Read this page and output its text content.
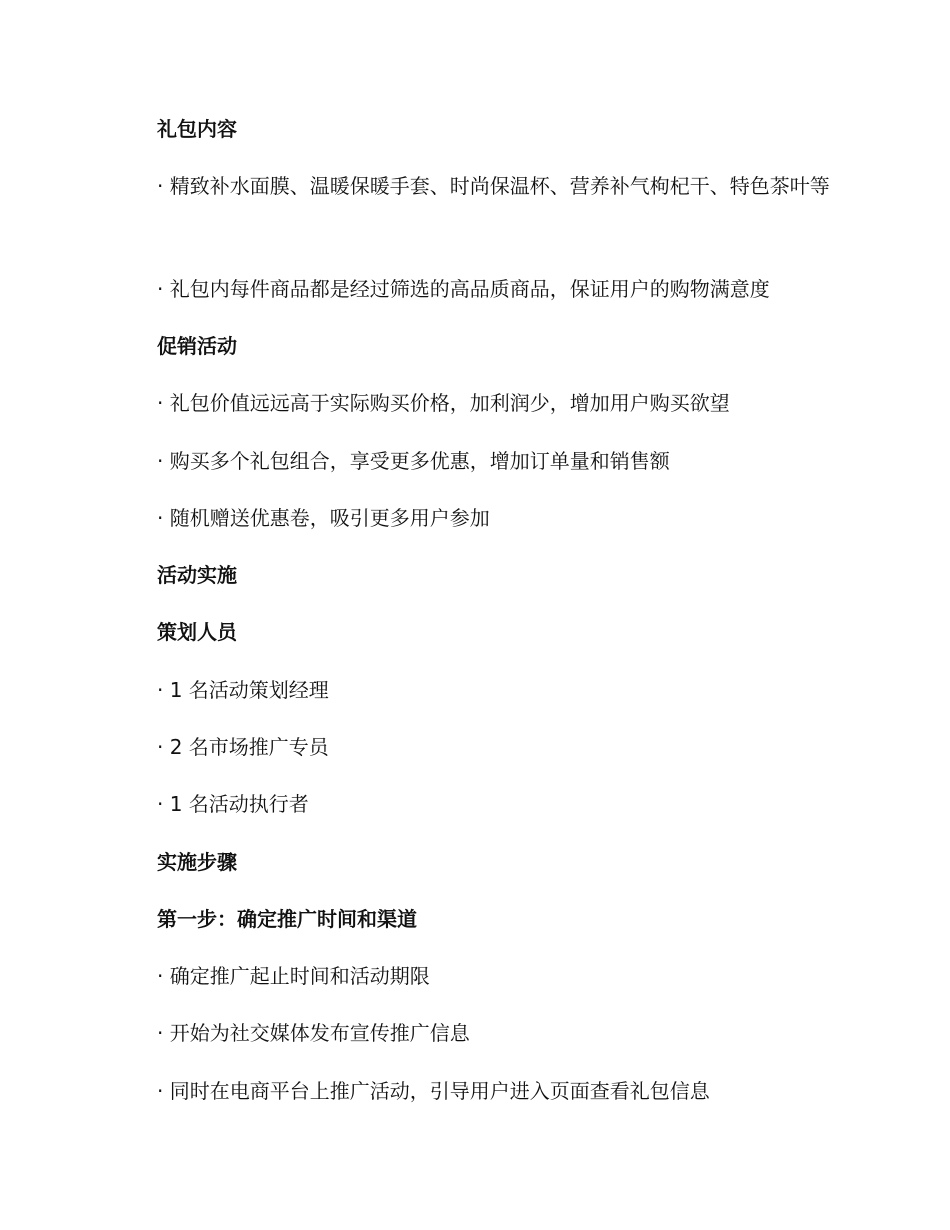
礼包内容
· 精致补水面膜、温暖保暖手套、时尚保温杯、营养补气枸杞干、特色茶叶等
· 礼包内每件商品都是经过筛选的高品质商品，保证用户的购物满意度
促销活动
· 礼包价值远远高于实际购买价格，加利润少，增加用户购买欲望
· 购买多个礼包组合，享受更多优惠，增加订单量和销售额
· 随机赠送优惠卷，吸引更多用户参加
活动实施
策划人员
· 1 名活动策划经理
· 2 名市场推广专员
· 1 名活动执行者
实施步骤
第一步：确定推广时间和渠道
· 确定推广起止时间和活动期限
· 开始为社交媒体发布宣传推广信息
· 同时在电商平台上推广活动，引导用户进入页面查看礼包信息
